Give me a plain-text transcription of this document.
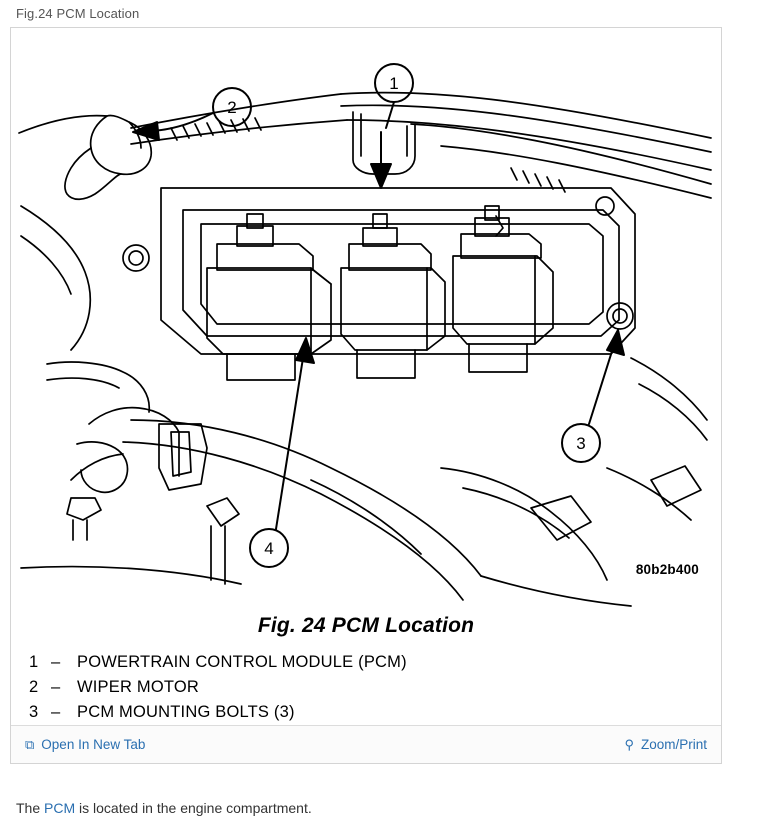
Fig.24 PCM Location
1
2
3
4
80b2b400
Fig. 24 PCM Location
1 – POWERTRAIN CONTROL MODULE (PCM)
2 – WIPER MOTOR
3 – PCM MOUNTING BOLTS (3)
⧉ Open In New Tab	⚲ Zoom/Print
The PCM is located in the engine compartment.
